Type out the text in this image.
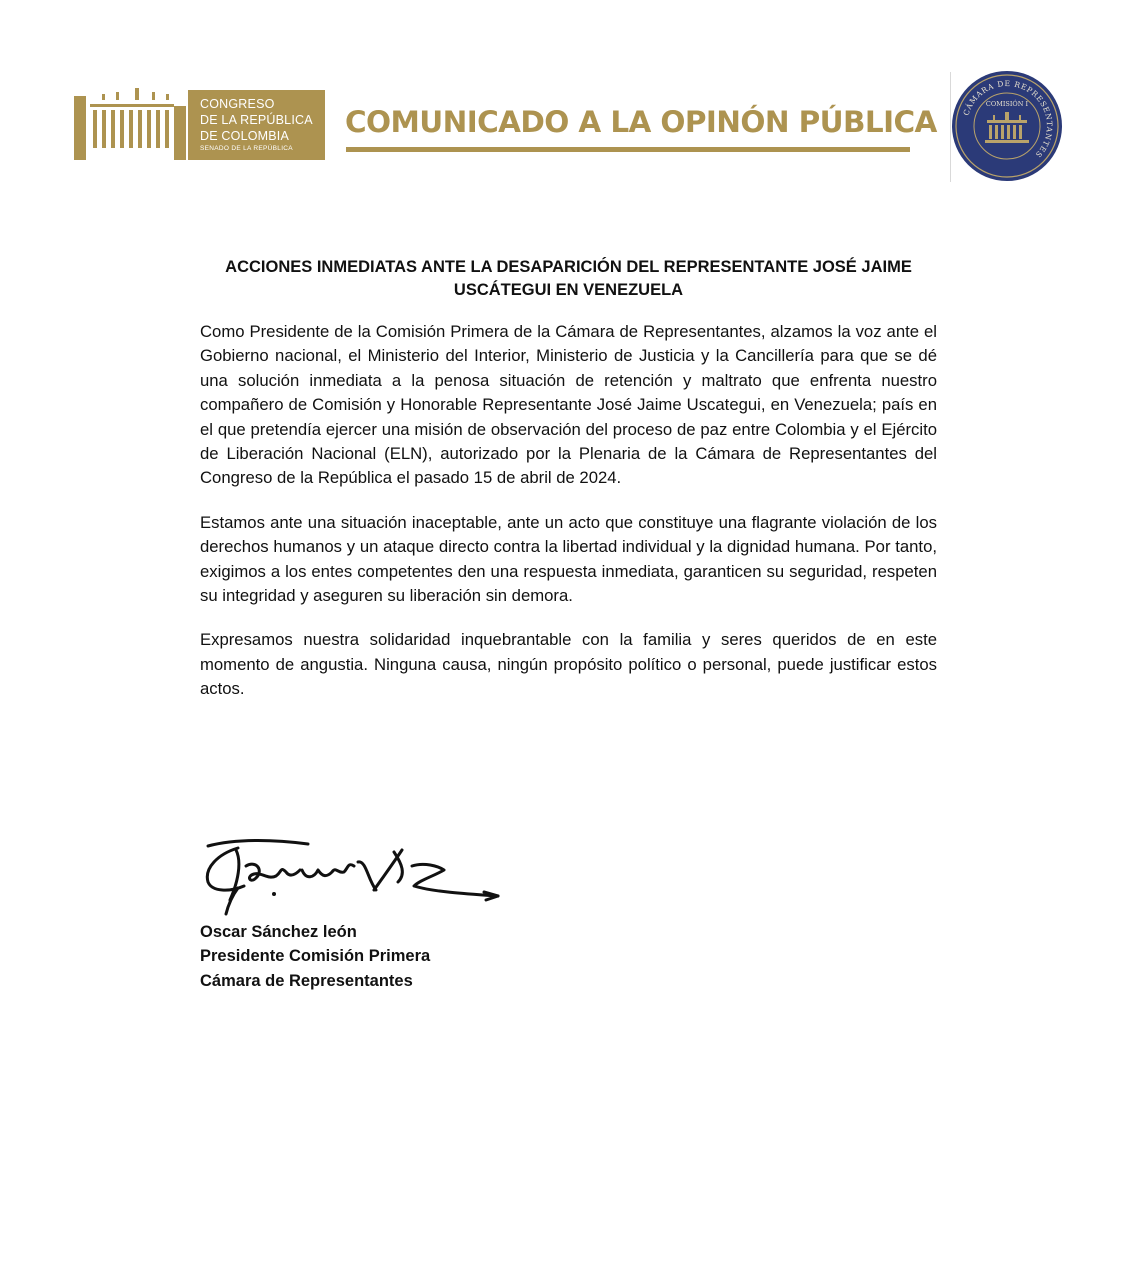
CONGRESO
DE LA REPÚBLICA
DE COLOMBIA
SENADO DE LA REPÚBLICA
COMUNICADO A LA OPINÓN PÚBLICA	CÁMARA DE REPRESENTANTES
COMISIÓN I
ACCIONES INMEDIATAS ANTE LA DESAPARICIÓN DEL REPRESENTANTE JOSÉ JAIME USCÁTEGUI EN VENEZUELA

Como Presidente de la Comisión Primera de la Cámara de Representantes, alzamos la voz ante el Gobierno nacional, el Ministerio del Interior, Ministerio de Justicia y la Cancillería para que se dé una solución inmediata a la penosa situación de retención y maltrato que enfrenta nuestro compañero de Comisión y Honorable Representante José Jaime Uscategui, en Venezuela; país en el que pretendía ejercer una misión de observación del proceso de paz entre Colombia y el Ejército de Liberación Nacional (ELN), autorizado por la Plenaria de la Cámara de Representantes del Congreso de la República el pasado 15 de abril de 2024.

Estamos ante una situación inaceptable, ante un acto que constituye una flagrante violación de los derechos humanos y un ataque directo contra la libertad individual y la dignidad humana. Por tanto, exigimos a los entes competentes den una respuesta inmediata, garanticen su seguridad, respeten su integridad y aseguren su liberación sin demora.

Expresamos nuestra solidaridad inquebrantable con la familia y seres queridos de en este momento de angustia. Ninguna causa, ningún propósito político o personal, puede justificar estos actos.

Oscar Sánchez león
Presidente Comisión Primera
Cámara de Representantes
